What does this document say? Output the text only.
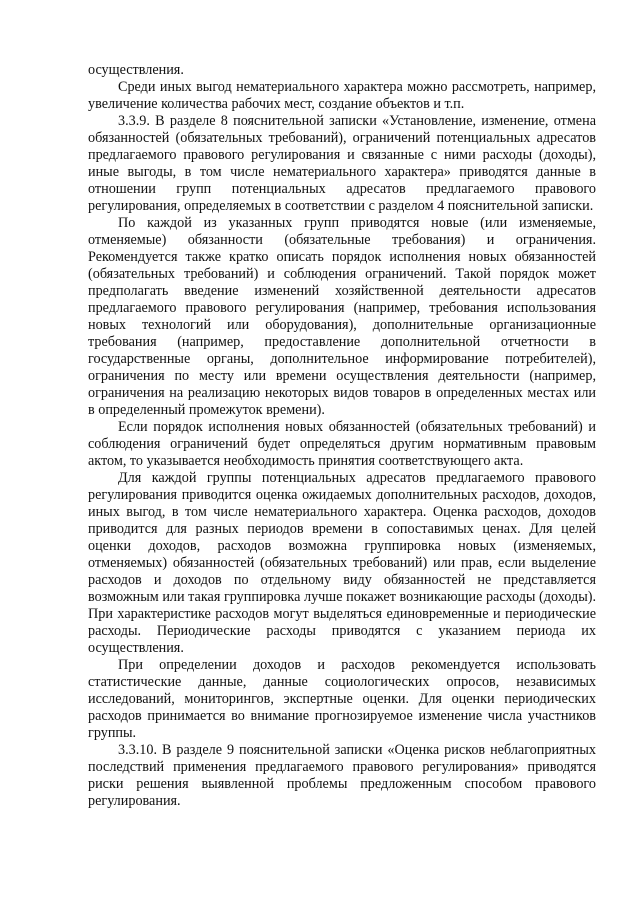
осуществления.

Среди иных выгод нематериального характера можно рассмотреть, например, увеличение количества рабочих мест, создание объектов и т.п.

3.3.9. В разделе 8 пояснительной записки «Установление, изменение, отмена обязанностей (обязательных требований), ограничений потенциальных адресатов предлагаемого правового регулирования и связанные с ними расходы (доходы), иные выгоды, в том числе нематериального характера» приводятся данные в отношении групп потенциальных адресатов предлагаемого правового регулирования, определяемых в соответствии с разделом 4 пояснительной записки.

По каждой из указанных групп приводятся новые (или изменяемые, отменяемые) обязанности (обязательные требования) и ограничения. Рекомендуется также кратко описать порядок исполнения новых обязанностей (обязательных требований) и соблюдения ограничений. Такой порядок может предполагать введение изменений хозяйственной деятельности адресатов предлагаемого правового регулирования (например, требования использования новых технологий или оборудования), дополнительные организационные требования (например, предоставление дополнительной отчетности в государственные органы, дополнительное информирование потребителей), ограничения по месту или времени осуществления деятельности (например, ограничения на реализацию некоторых видов товаров в определенных местах или в определенный промежуток времени).

Если порядок исполнения новых обязанностей (обязательных требований) и соблюдения ограничений будет определяться другим нормативным правовым актом, то указывается необходимость принятия соответствующего акта.

Для каждой группы потенциальных адресатов предлагаемого правового регулирования приводится оценка ожидаемых дополнительных расходов, доходов, иных выгод, в том числе нематериального характера. Оценка расходов, доходов приводится для разных периодов времени в сопоставимых ценах. Для целей оценки доходов, расходов возможна группировка новых (изменяемых, отменяемых) обязанностей (обязательных требований) или прав, если выделение расходов и доходов по отдельному виду обязанностей не представляется возможным или такая группировка лучше покажет возникающие расходы (доходы). При характеристике расходов могут выделяться единовременные и периодические расходы. Периодические расходы приводятся с указанием периода их осуществления.

При определении доходов и расходов рекомендуется использовать статистические данные, данные социологических опросов, независимых исследований, мониторингов, экспертные оценки. Для оценки периодических расходов принимается во внимание прогнозируемое изменение числа участников группы.

3.3.10. В разделе 9 пояснительной записки «Оценка рисков неблагоприятных последствий применения предлагаемого правового регулирования» приводятся риски решения выявленной проблемы предложенным способом правового регулирования.
